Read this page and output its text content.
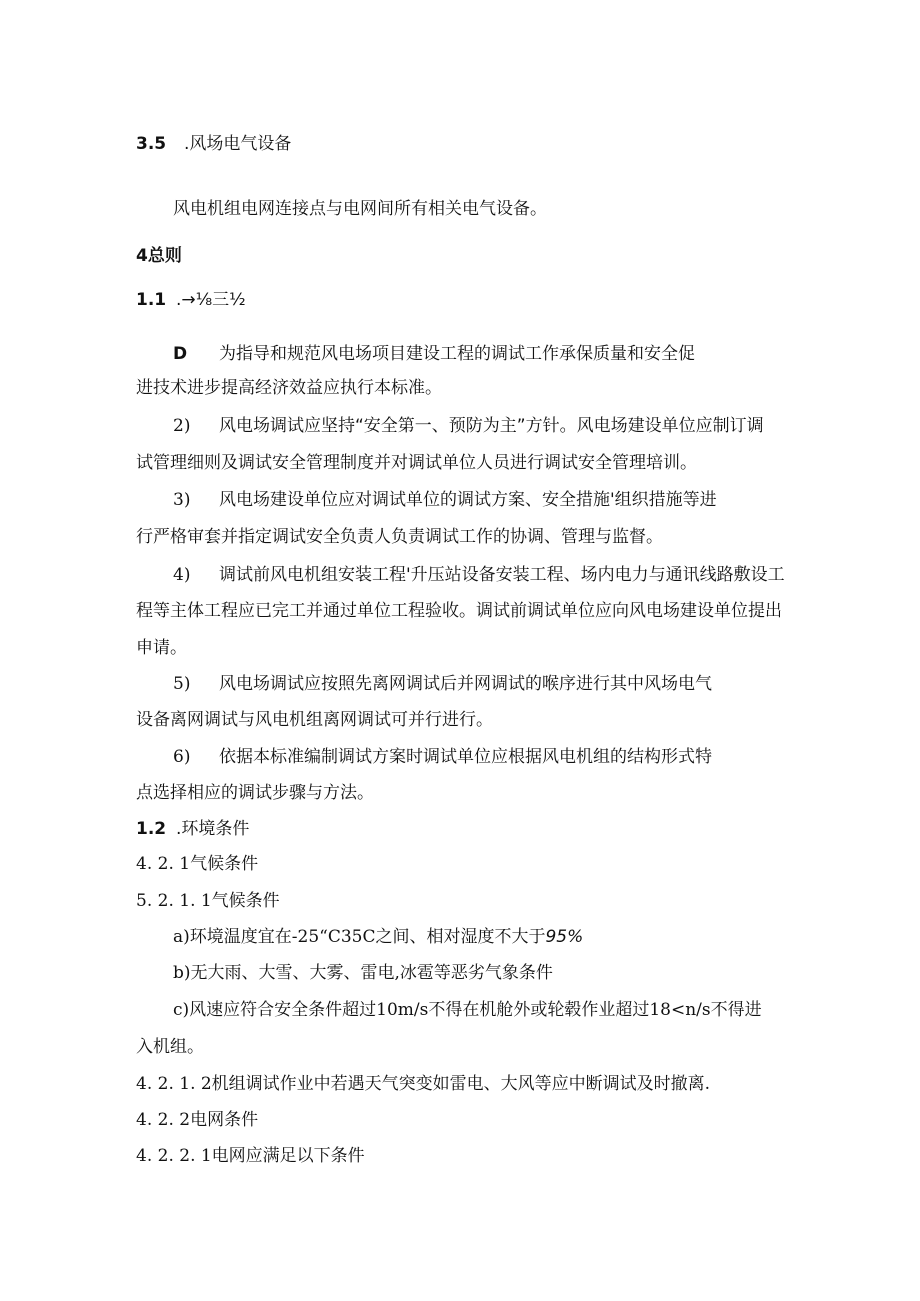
3.5 .风场电气设备

风电机组电网连接点与电网间所有相关电气设备。

4总则

1.1 .→⅛三½

D 为指导和规范风电场项目建设工程的调试工作承保质量和安全促

进技术进步提高经济效益应执行本标准。

2) 风电场调试应坚持“安全第一、预防为主”方针。风电场建设单位应制订调

试管理细则及调试安全管理制度并对调试单位人员进行调试安全管理培训。

3) 风电场建设单位应对调试单位的调试方案、安全措施'组织措施等进

行严格审套并指定调试安全负责人负责调试工作的协调、管理与监督。

4) 调试前风电机组安装工程'升压站设备安装工程、场内电力与通讯线路敷设工

程等主体工程应已完工并通过单位工程验收。调试前调试单位应向风电场建设单位提出

申请。

5) 风电场调试应按照先离网调试后并网调试的喉序进行其中风场电气

设备离网调试与风电机组离网调试可并行进行。

6) 依据本标准编制调试方案时调试单位应根据风电机组的结构形式特

点选择相应的调试步骤与方法。

1.2 .环境条件

4. 2. 1气候条件

5. 2. 1. 1气候条件

a)环境温度宜在-25“C35C之间、相对湿度不大于95%

b)无大雨、大雪、大雾、雷电,冰雹等恶劣气象条件

c)风速应符合安全条件超过10m/s不得在机舱外或轮毂作业超过18<n/s不得进

入机组。

4. 2. 1. 2机组调试作业中若遇天气突变如雷电、大风等应中断调试及时撤离.

4. 2. 2电网条件

4. 2. 2. 1电网应满足以下条件
